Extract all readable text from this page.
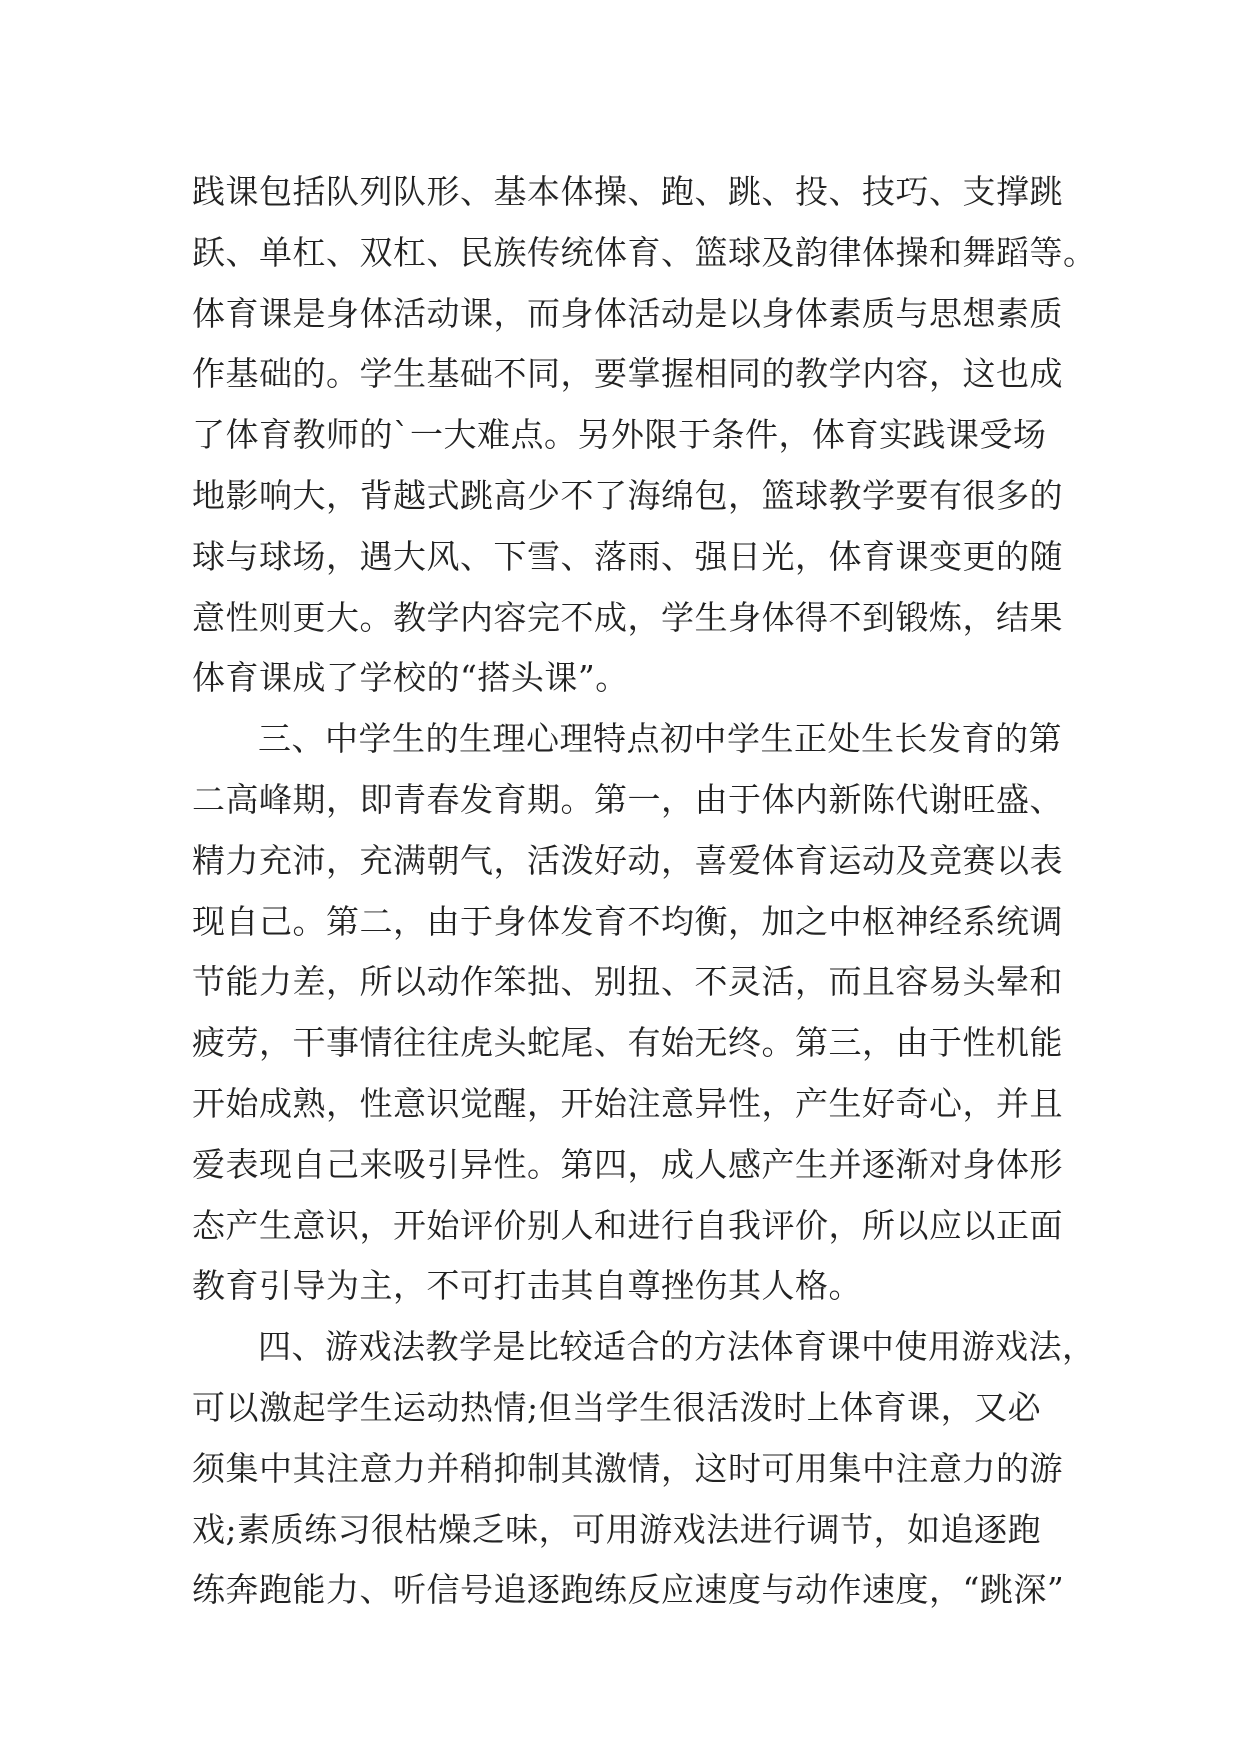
践课包括队列队形、基本体操、跑、跳、投、技巧、支撑跳
跃、单杠、双杠、民族传统体育、篮球及韵律体操和舞蹈等。
体育课是身体活动课，而身体活动是以身体素质与思想素质
作基础的。学生基础不同，要掌握相同的教学内容，这也成
了体育教师的`一大难点。另外限于条件，体育实践课受场
地影响大，背越式跳高少不了海绵包，篮球教学要有很多的
球与球场，遇大风、下雪、落雨、强日光，体育课变更的随
意性则更大。教学内容完不成，学生身体得不到锻炼，结果
体育课成了学校的“搭头课”。
三、中学生的生理心理特点初中学生正处生长发育的第
二高峰期，即青春发育期。第一，由于体内新陈代谢旺盛、
精力充沛，充满朝气，活泼好动，喜爱体育运动及竞赛以表
现自己。第二，由于身体发育不均衡，加之中枢神经系统调
节能力差，所以动作笨拙、别扭、不灵活，而且容易头晕和
疲劳，干事情往往虎头蛇尾、有始无终。第三，由于性机能
开始成熟，性意识觉醒，开始注意异性，产生好奇心，并且
爱表现自己来吸引异性。第四，成人感产生并逐渐对身体形
态产生意识，开始评价别人和进行自我评价，所以应以正面
教育引导为主，不可打击其自尊挫伤其人格。
四、游戏法教学是比较适合的方法体育课中使用游戏法，
可以激起学生运动热情;但当学生很活泼时上体育课，又必
须集中其注意力并稍抑制其激情，这时可用集中注意力的游
戏;素质练习很枯燥乏味，可用游戏法进行调节，如追逐跑
练奔跑能力、听信号追逐跑练反应速度与动作速度，“跳深”
